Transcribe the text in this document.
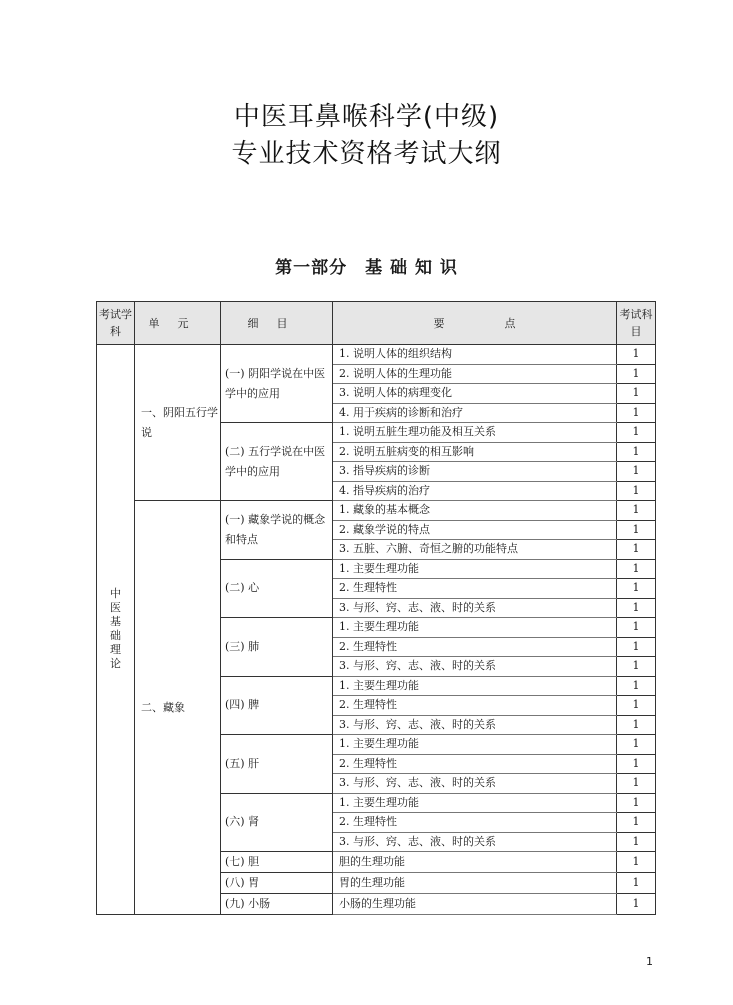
中医耳鼻喉科学(中级)
专业技术资格考试大纲
第一部分　基 础 知 识
考试学科	单元	细目	要点	考试科目
中医基础理论	一、阴阳五行学说	(一) 阴阳学说在中医学中的应用	1. 说明人体的组织结构	1
			2. 说明人体的生理功能	1
			3. 说明人体的病理变化	1
			4. 用于疾病的诊断和治疗	1
		(二) 五行学说在中医学中的应用	1. 说明五脏生理功能及相互关系	1
			2. 说明五脏病变的相互影响	1
			3. 指导疾病的诊断	1
			4. 指导疾病的治疗	1
	二、藏象	(一) 藏象学说的概念和特点	1. 藏象的基本概念	1
			2. 藏象学说的特点	1
			3. 五脏、六腑、奇恒之腑的功能特点	1
		(二) 心	1. 主要生理功能	1
			2. 生理特性	1
			3. 与形、窍、志、液、时的关系	1
		(三) 肺	1. 主要生理功能	1
			2. 生理特性	1
			3. 与形、窍、志、液、时的关系	1
		(四) 脾	1. 主要生理功能	1
			2. 生理特性	1
			3. 与形、窍、志、液、时的关系	1
		(五) 肝	1. 主要生理功能	1
			2. 生理特性	1
			3. 与形、窍、志、液、时的关系	1
		(六) 肾	1. 主要生理功能	1
			2. 生理特性	1
			3. 与形、窍、志、液、时的关系	1
		(七) 胆	胆的生理功能	1
		(八) 胃	胃的生理功能	1
		(九) 小肠	小肠的生理功能	1
1
